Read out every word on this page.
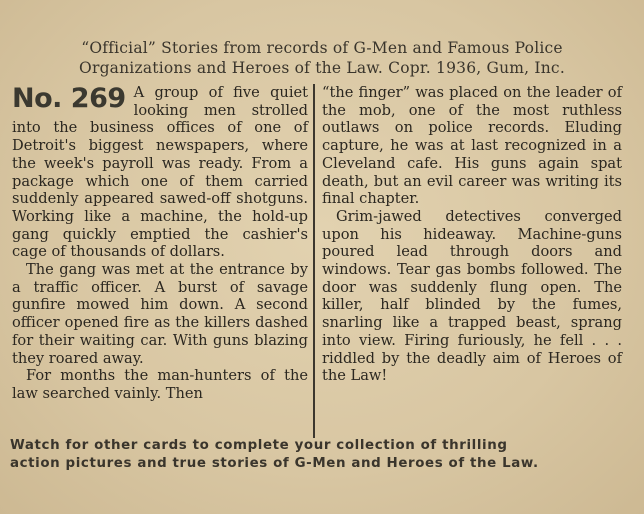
“Official” Stories from records of G-Men and Famous Police
Organizations and Heroes of the Law. Copr. 1936, Gum, Inc.
No. 269 A group of five quiet looking men strolled into the business offices of one of Detroit's biggest newspapers, where the week's payroll was ready. From a package which one of them carried suddenly appeared sawed-off shotguns. Working like a machine, the hold-up gang quickly emptied the cashier's cage of thousands of dollars.

The gang was met at the entrance by a traffic officer. A burst of savage gunfire mowed him down. A second officer opened fire as the killers dashed for their waiting car. With guns blazing they roared away.

For months the man-hunters of the law searched vainly. Then

“the finger” was placed on the leader of the mob, one of the most ruthless outlaws on police records. Eluding capture, he was at last recognized in a Cleveland cafe. His guns again spat death, but an evil career was writing its final chapter.

Grim-jawed detectives converged upon his hideaway. Machine-guns poured lead through doors and windows. Tear gas bombs followed. The door was suddenly flung open. The killer, half blinded by the fumes, snarling like a trapped beast, sprang into view. Firing furiously, he fell . . . riddled by the deadly aim of Heroes of the Law!

Watch for other cards to complete your collection of thrilling
action pictures and true stories of G-Men and Heroes of the Law.
